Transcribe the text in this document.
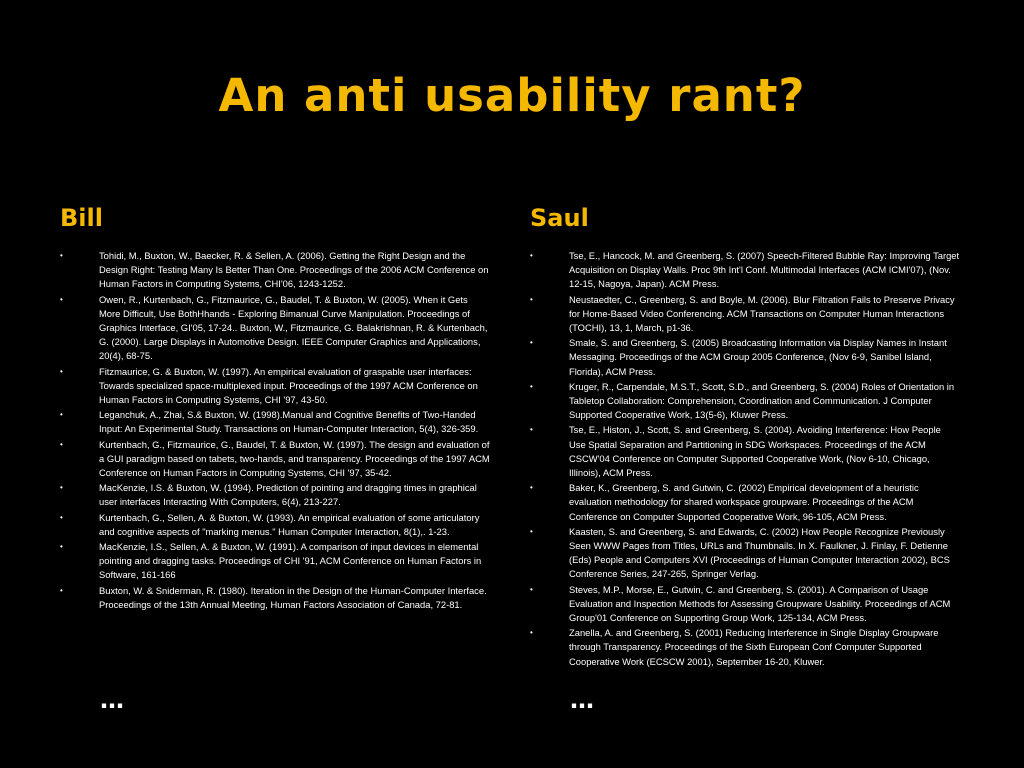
An anti usability rant?
Bill
•	Tohidi, M., Buxton, W., Baecker, R. & Sellen, A. (2006). Getting the Right Design and the Design Right: Testing Many Is Better Than One. Proceedings of the 2006 ACM Conference on Human Factors in Computing Systems, CHI'06, 1243-1252.
•	Owen, R., Kurtenbach, G., Fitzmaurice, G., Baudel, T. & Buxton, W. (2005). When it Gets More Difficult, Use BothHhands - Exploring Bimanual Curve Manipulation. Proceedings of Graphics Interface, GI'05, 17-24.. Buxton, W., Fitzmaurice, G. Balakrishnan, R. & Kurtenbach, G. (2000). Large Displays in Automotive Design. IEEE Computer Graphics and Applications, 20(4), 68-75.
•	Fitzmaurice, G. & Buxton, W. (1997). An empirical evaluation of graspable user interfaces: Towards specialized space-multiplexed input. Proceedings of the 1997 ACM Conference on Human Factors in Computing Systems, CHI '97, 43-50.
•	Leganchuk, A., Zhai, S.& Buxton, W. (1998).Manual and Cognitive Benefits of Two-Handed Input: An Experimental Study. Transactions on Human-Computer Interaction, 5(4), 326-359.
•	Kurtenbach, G., Fitzmaurice, G., Baudel, T. & Buxton, W. (1997). The design and evaluation of a GUI paradigm based on tabets, two-hands, and transparency. Proceedings of the 1997 ACM Conference on Human Factors in Computing Systems, CHI '97, 35-42.
•	MacKenzie, I.S. & Buxton, W. (1994). Prediction of pointing and dragging times in graphical user interfaces Interacting With Computers, 6(4), 213-227.
•	Kurtenbach, G., Sellen, A. & Buxton, W. (1993). An empirical evaluation of some articulatory and cognitive aspects of "marking menus." Human Computer Interaction, 8(1),. 1-23.
•	MacKenzie, I.S., Sellen, A. & Buxton, W. (1991). A comparison of input devices in elemental pointing and dragging tasks. Proceedings of CHI '91, ACM Conference on Human Factors in Software, 161-166
•	Buxton, W. & Sniderman, R. (1980). Iteration in the Design of the Human-Computer Interface. Proceedings of the 13th Annual Meeting, Human Factors Association of Canada, 72-81.
Saul
•	Tse, E., Hancock, M. and Greenberg, S. (2007) Speech-Filtered Bubble Ray: Improving Target Acquisition on Display Walls. Proc 9th Int'l Conf. Multimodal Interfaces (ACM ICMI'07), (Nov. 12-15, Nagoya, Japan). ACM Press.
•	Neustaedter, C., Greenberg, S. and Boyle, M. (2006). Blur Filtration Fails to Preserve Privacy for Home-Based Video Conferencing. ACM Transactions on Computer Human Interactions (TOCHI), 13, 1, March, p1-36.
•	Smale, S. and Greenberg, S. (2005) Broadcasting Information via Display Names in Instant Messaging. Proceedings of the ACM Group 2005 Conference, (Nov 6-9, Sanibel Island, Florida), ACM Press.
•	Kruger, R., Carpendale, M.S.T., Scott, S.D., and Greenberg, S. (2004) Roles of Orientation in Tabletop Collaboration: Comprehension, Coordination and Communication. J Computer Supported Cooperative Work, 13(5-6), Kluwer Press.
•	Tse, E., Histon, J., Scott, S. and Greenberg, S. (2004). Avoiding Interference: How People Use Spatial Separation and Partitioning in SDG Workspaces. Proceedings of the ACM CSCW'04 Conference on Computer Supported Cooperative Work, (Nov 6-10, Chicago, Illinois), ACM Press.
•	Baker, K., Greenberg, S. and Gutwin, C. (2002) Empirical development of a heuristic evaluation methodology for shared workspace groupware. Proceedings of the ACM Conference on Computer Supported Cooperative Work, 96-105, ACM Press.
•	Kaasten, S. and Greenberg, S. and Edwards, C. (2002) How People Recognize Previously Seen WWW Pages from Titles, URLs and Thumbnails. In X. Faulkner, J. Finlay, F. Detienne (Eds) People and Computers XVI (Proceedings of Human Computer Interaction 2002), BCS Conference Series, 247-265, Springer Verlag.
•	Steves, M.P., Morse, E., Gutwin, C. and Greenberg, S. (2001). A Comparison of Usage Evaluation and Inspection Methods for Assessing Groupware Usability. Proceedings of ACM Group'01 Conference on Supporting Group Work, 125-134, ACM Press.
•	Zanella, A. and Greenberg, S. (2001) Reducing Interference in Single Display Groupware through Transparency. Proceedings of the Sixth European Conf Computer Supported Cooperative Work (ECSCW 2001), September 16-20, Kluwer.
…	…
